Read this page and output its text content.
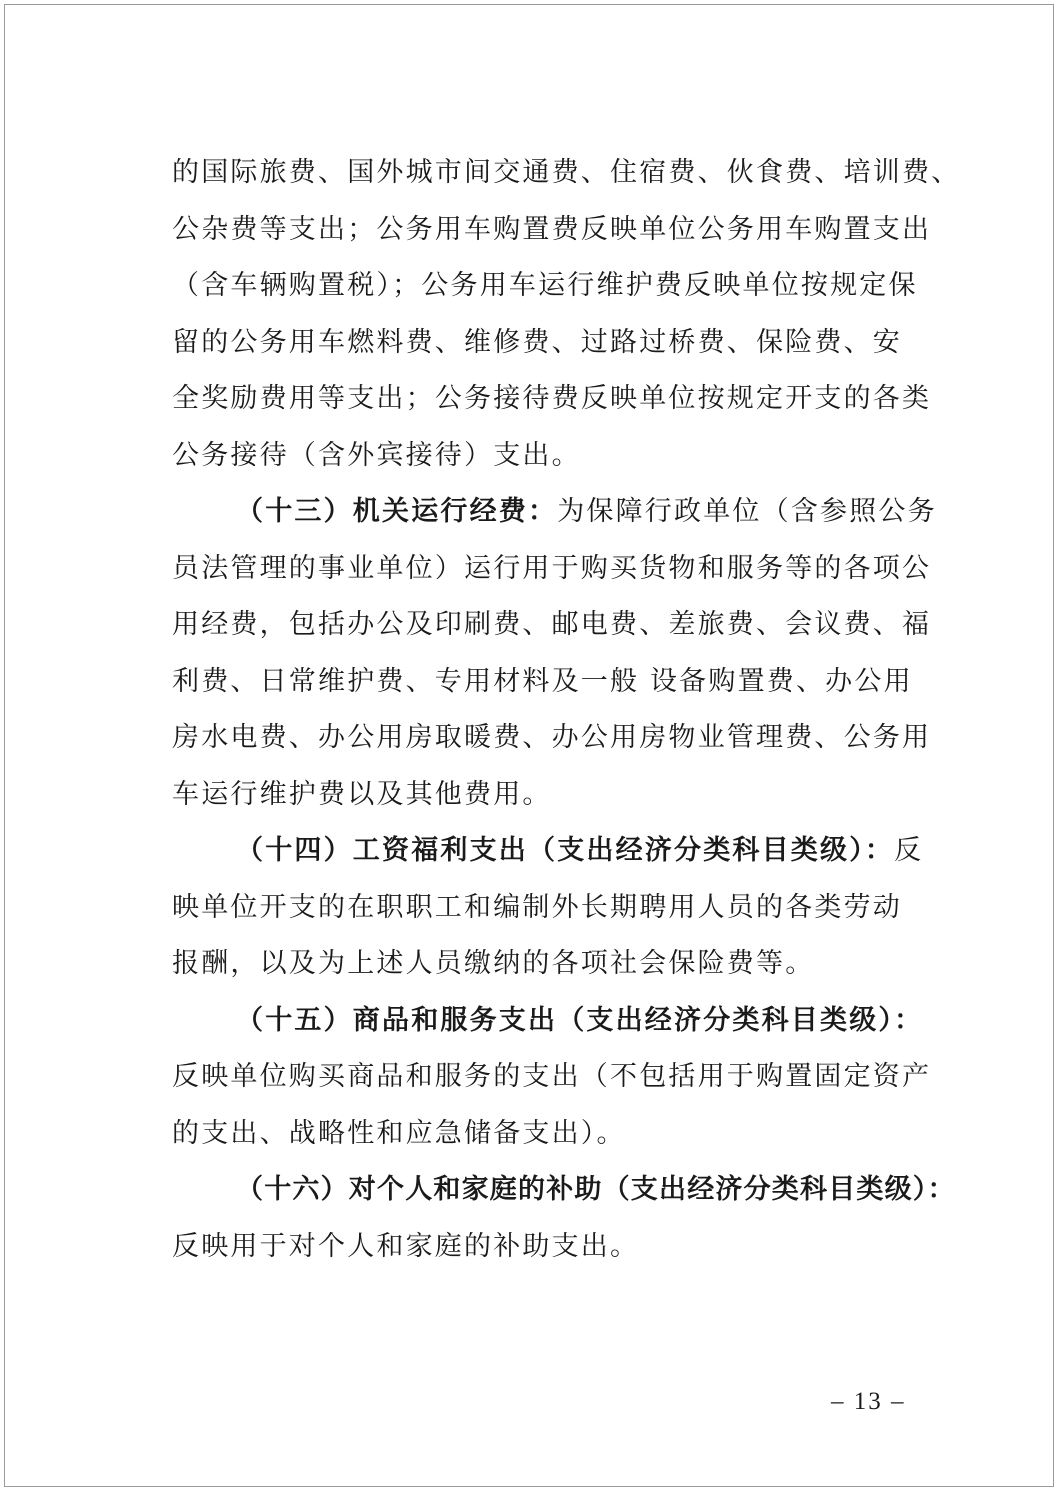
的国际旅费、国外城市间交通费、住宿费、伙食费、培训费、
公杂费等支出；公务用车购置费反映单位公务用车购置支出
（含车辆购置税）；公务用车运行维护费反映单位按规定保
留的公务用车燃料费、维修费、过路过桥费、保险费、安
全奖励费用等支出；公务接待费反映单位按规定开支的各类
公务接待（含外宾接待）支出。
（十三）机关运行经费：为保障行政单位（含参照公务
员法管理的事业单位）运行用于购买货物和服务等的各项公
用经费，包括办公及印刷费、邮电费、差旅费、会议费、福
利费、日常维护费、专用材料及一般 设备购置费、办公用
房水电费、办公用房取暖费、办公用房物业管理费、公务用
车运行维护费以及其他费用。
（十四）工资福利支出（支出经济分类科目类级）：反
映单位开支的在职职工和编制外长期聘用人员的各类劳动
报酬，以及为上述人员缴纳的各项社会保险费等。
（十五）商品和服务支出（支出经济分类科目类级）：
反映单位购买商品和服务的支出（不包括用于购置固定资产
的支出、战略性和应急储备支出）。
（十六）对个人和家庭的补助（支出经济分类科目类级）：
反映用于对个人和家庭的补助支出。
– 13 –
